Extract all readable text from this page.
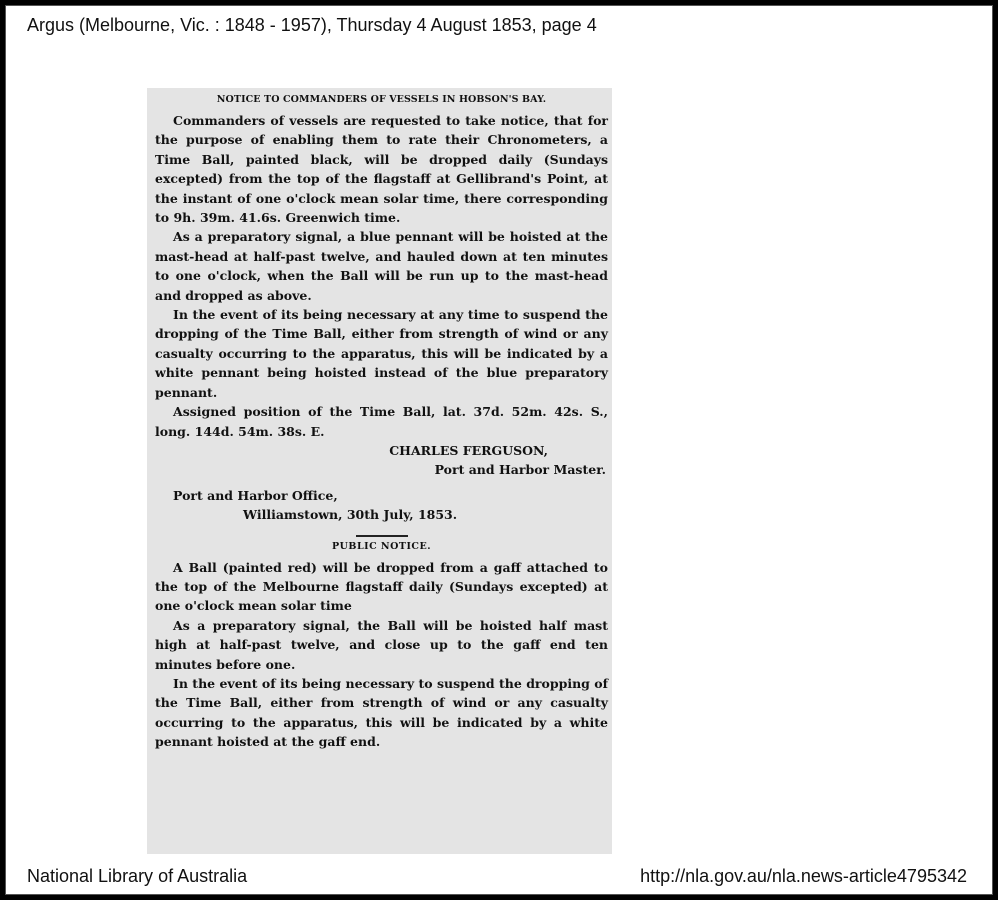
Argus (Melbourne, Vic. : 1848 - 1957), Thursday 4 August 1853, page 4
NOTICE TO COMMANDERS OF VESSELS IN HOBSON'S BAY.

Commanders of vessels are requested to take notice, that for the purpose of enabling them to rate their Chronometers, a Time Ball, painted black, will be dropped daily (Sundays excepted) from the top of the flagstaff at Gellibrand's Point, at the instant of one o'clock mean solar time, there corresponding to 9h. 39m. 41.6s. Greenwich time.

As a preparatory signal, a blue pennant will be hoisted at the mast-head at half-past twelve, and hauled down at ten minutes to one o'clock, when the Ball will be run up to the mast-head and dropped as above.

In the event of its being necessary at any time to suspend the dropping of the Time Ball, either from strength of wind or any casualty occurring to the apparatus, this will be indicated by a white pennant being hoisted instead of the blue preparatory pennant.

Assigned position of the Time Ball, lat. 37d. 52m. 42s. S., long. 144d. 54m. 38s. E.

CHARLES FERGUSON,

Port and Harbor Master.

Port and Harbor Office,

Williamstown, 30th July, 1853.

PUBLIC NOTICE.

A Ball (painted red) will be dropped from a gaff attached to the top of the Melbourne flagstaff daily (Sundays excepted) at one o'clock mean solar time

As a preparatory signal, the Ball will be hoisted half mast high at half-past twelve, and close up to the gaff end ten minutes before one.

In the event of its being necessary to suspend the dropping of the Time Ball, either from strength of wind or any casualty occurring to the apparatus, this will be indicated by a white pennant hoisted at the gaff end.

National Library of Australia	http://nla.gov.au/nla.news-article4795342
